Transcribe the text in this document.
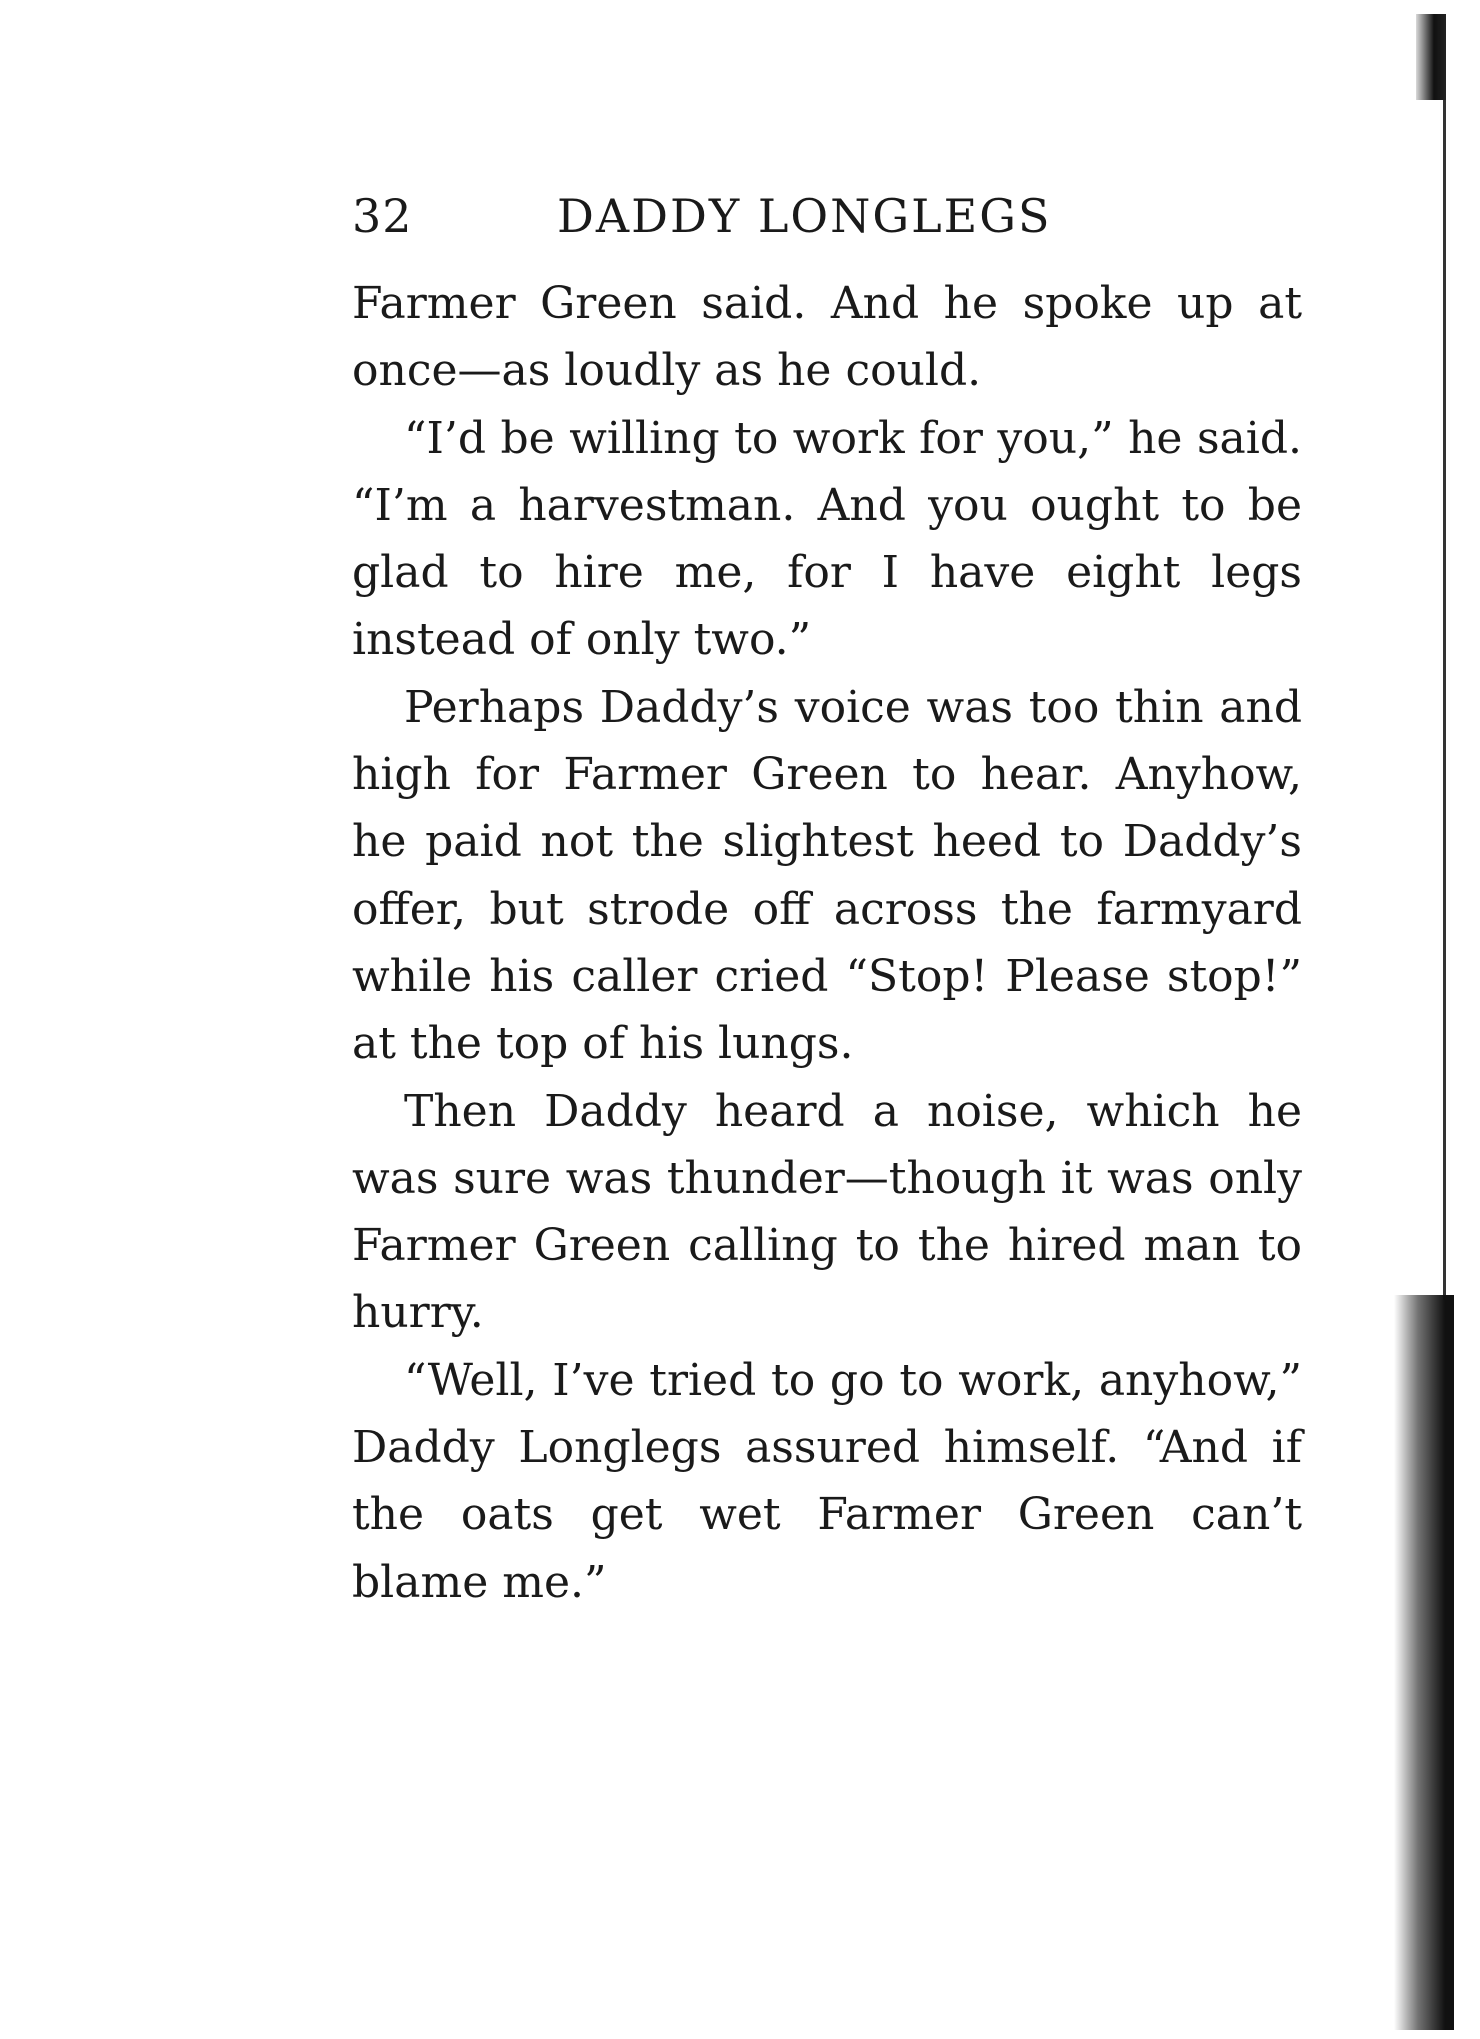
32	DADDY LONGLEGS

Farmer Green said. And he spoke up at once—as loudly as he could.

“I’d be willing to work for you,” he said. “I’m a harvestman. And you ought to be glad to hire me, for I have eight legs instead of only two.”

Perhaps Daddy’s voice was too thin and high for Farmer Green to hear. Anyhow, he paid not the slightest heed to Daddy’s offer, but strode off across the farmyard while his caller cried “Stop! Please stop!” at the top of his lungs.

Then Daddy heard a noise, which he was sure was thunder—though it was only Farmer Green calling to the hired man to hurry.

“Well, I’ve tried to go to work, anyhow,” Daddy Longlegs assured himself. “And if the oats get wet Farmer Green can’t blame me.”
